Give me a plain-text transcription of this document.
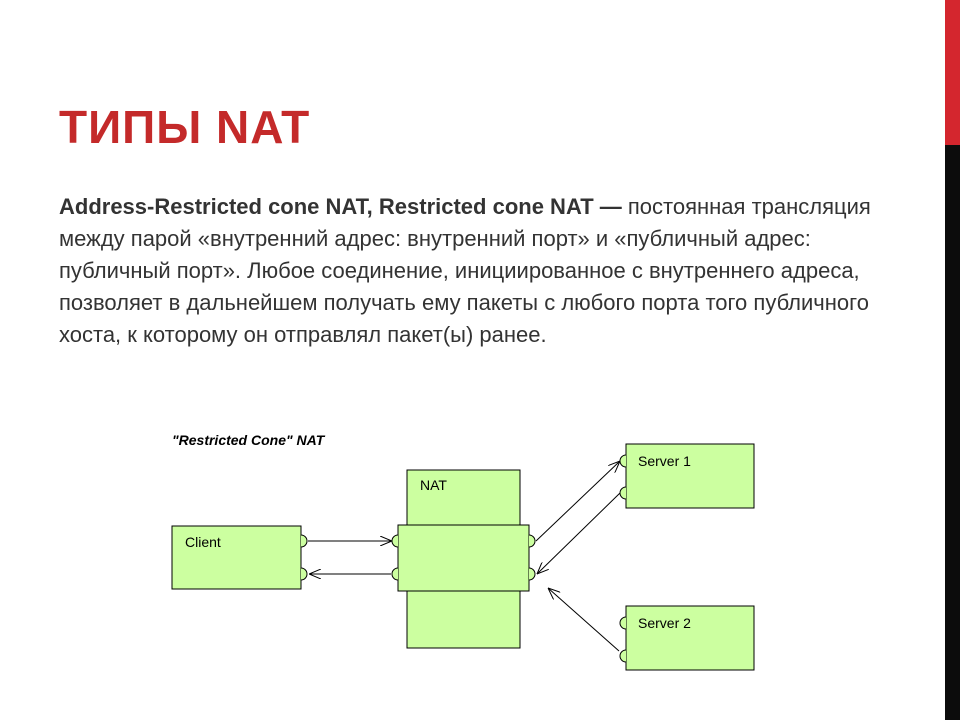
ТИПЫ NAT

Address-Restricted cone NAT, Restricted cone NAT — постоянная трансляция между парой «внутренний адрес: внутренний порт» и «публичный адрес: публичный порт». Любое соединение, инициированное с внутреннего адреса, позволяет в дальнейшем получать ему пакеты с любого порта того публичного хоста, к которому он отправлял пакет(ы) ранее.

"Restricted Cone" NAT
NAT
Client
Server 1
Server 2
